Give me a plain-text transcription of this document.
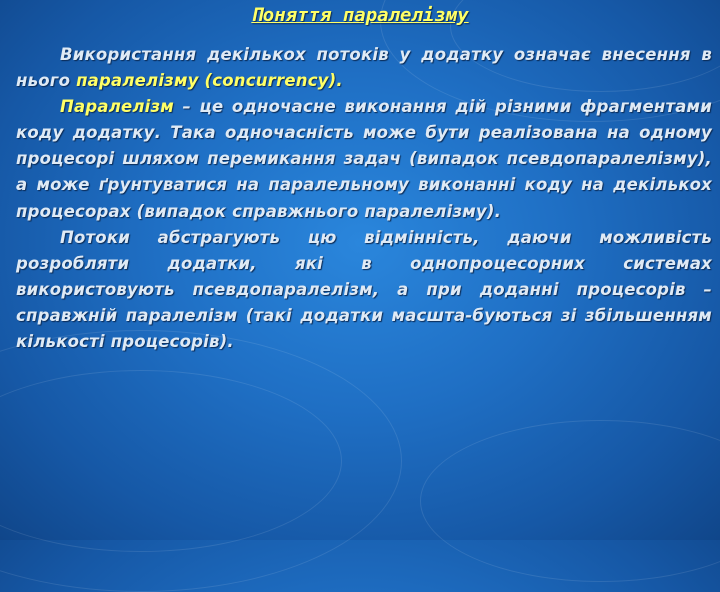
Поняття паралелізму

Використання декількох потоків у додатку означає внесення в нього паралелізму (concurrency).

Паралелізм – це одночасне виконання дій різними фрагментами коду додатку. Така одночасність може бути реалізована на одному процесорі шляхом перемикання задач (випадок псевдопаралелізму), а може ґрунтуватися на паралельному виконанні коду на декількох процесорах (випадок справжнього паралелізму).

Потоки абстрагують цю відмінність, даючи можливість розробляти додатки, які в однопроцесорних системах використовують псевдопаралелізм, а при доданні процесорів – справжній паралелізм (такі додатки масшта-буються зі збільшенням кількості процесорів).
